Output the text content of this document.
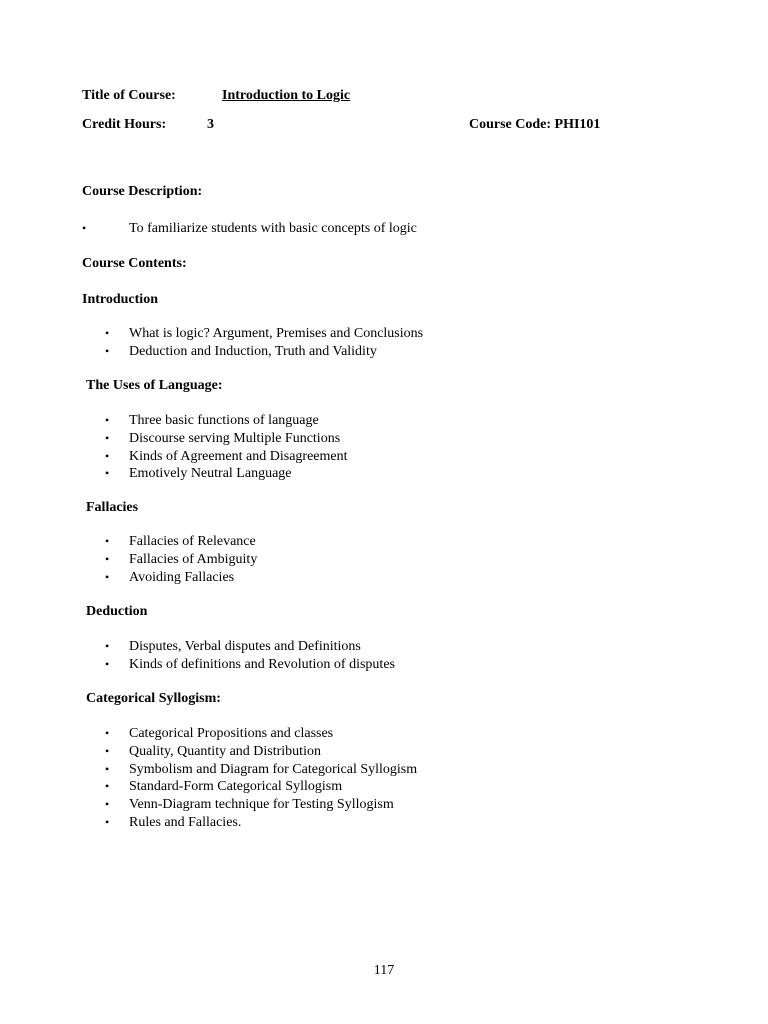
Title of Course:	Introduction to Logic
Credit Hours:	3	Course Code: PHI101
Course Description:
•	To familiarize students with basic concepts of logic
Course Contents:
Introduction
• What is logic? Argument, Premises and Conclusions
• Deduction and Induction, Truth and Validity
The Uses of Language:
• Three basic functions of language
• Discourse serving Multiple Functions
• Kinds of Agreement and Disagreement
• Emotively Neutral Language
Fallacies
• Fallacies of Relevance
• Fallacies of Ambiguity
• Avoiding Fallacies
Deduction
• Disputes, Verbal disputes and Definitions
• Kinds of definitions and Revolution of disputes
Categorical Syllogism:
• Categorical Propositions and classes
• Quality, Quantity and Distribution
• Symbolism and Diagram for Categorical Syllogism
• Standard-Form Categorical Syllogism
• Venn-Diagram technique for Testing Syllogism
• Rules and Fallacies.
117
